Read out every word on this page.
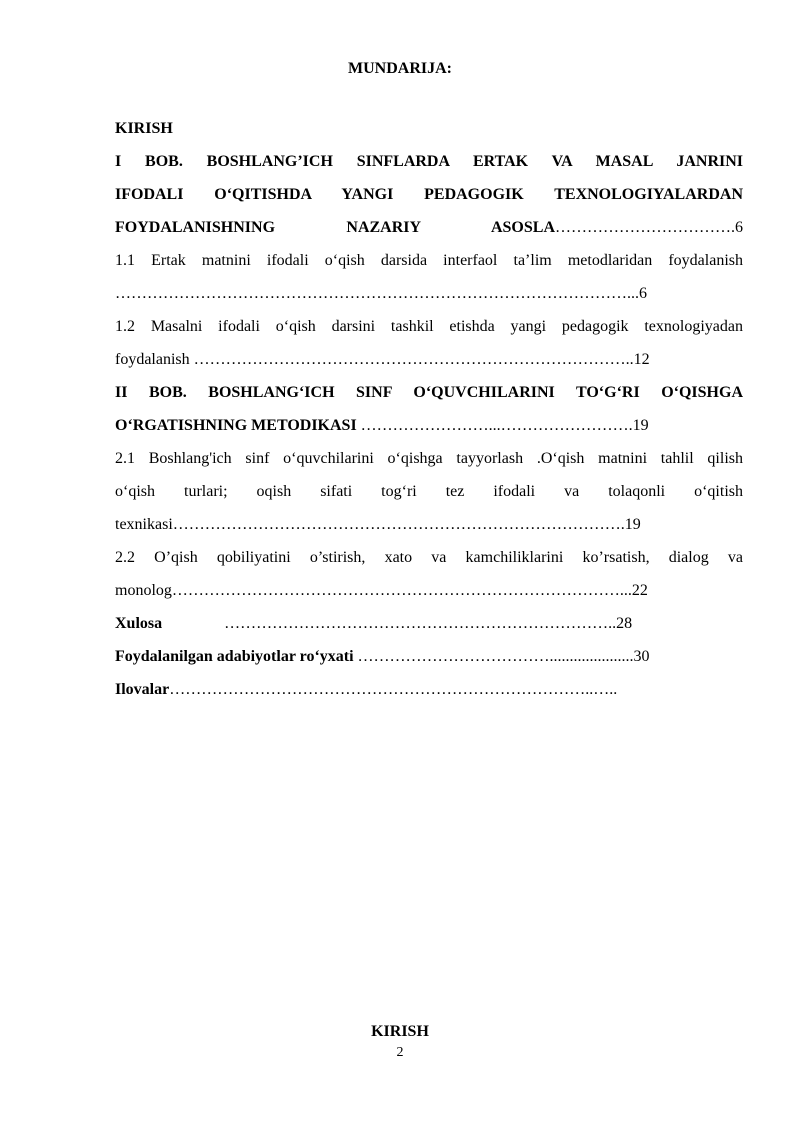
MUNDARIJA:
KIRISH
I BOB. BOSHLANG’ICH SINFLARDA ERTAK VA MASAL JANRINI
IFODALI O‘QITISHDA YANGI PEDAGOGIK TEXNOLOGIYALARDAN
FOYDALANISHNING NAZARIY ASOSLA…………………………….6
1.1 Ertak matnini ifodali o‘qish darsida interfaol ta’lim metodlaridan foydalanish
……………………………………………………………………………………...6
1.2 Masalni ifodali o‘qish darsini tashkil etishda yangi pedagogik texnologiyadan
foydalanish ………………………………………………………………………..12
II BOB. BOSHLANG‘ICH SINF O‘QUVCHILARINI TO‘G‘RI O‘QISHGA
O‘RGATISHNING METODIKASI ……………………...…………………….19
2.1 Boshlang'ich sinf o‘quvchilarini o‘qishga tayyorlash .O‘qish matnini tahlil qilish
o‘qish turlari; oqish sifati tog‘ri tez ifodali va tolaqonli o‘qitish
texnikasi………………………………………………………………………….19
2.2 O’qish qobiliyatini o’stirish, xato va kamchiliklarini ko’rsatish, dialog va
monolog…………………………………………………………………………...22
Xulosa	………………………………………………………………..28
Foydalanilgan adabiyotlar ro‘yxati ……………………………….....................30
Ilovalar……………………………………………………………………..…..
KIRISH
2
